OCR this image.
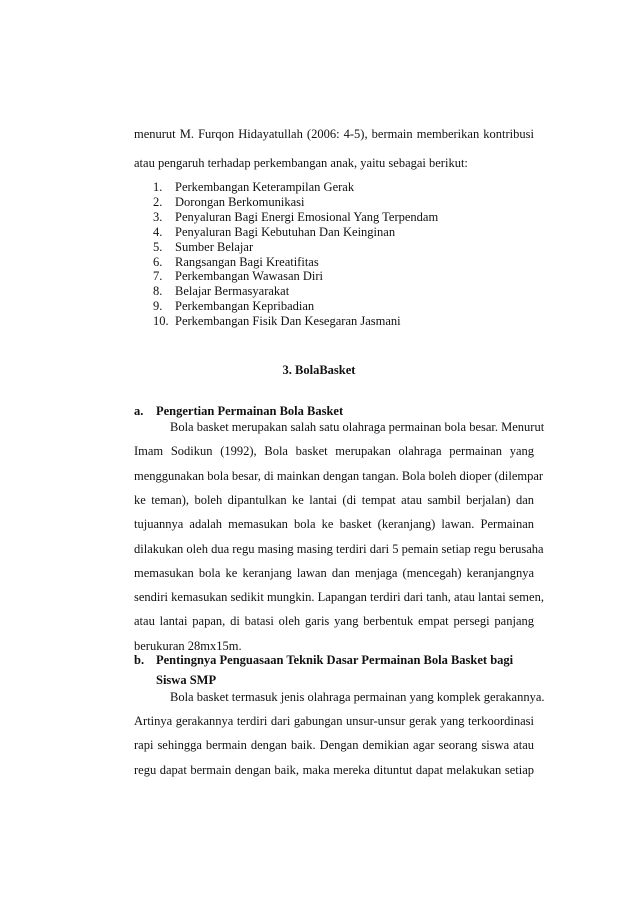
menurut M. Furqon Hidayatullah (2006: 4-5), bermain memberikan kontribusi
atau pengaruh terhadap perkembangan anak, yaitu sebagai berikut:
1.	Perkembangan Keterampilan Gerak
2.	Dorongan Berkomunikasi
3.	Penyaluran Bagi Energi Emosional Yang Terpendam
4.	Penyaluran Bagi Kebutuhan Dan Keinginan
5.	Sumber Belajar
6.	Rangsangan Bagi Kreatifitas
7.	Perkembangan Wawasan Diri
8.	Belajar Bermasyarakat
9.	Perkembangan Kepribadian
10. Perkembangan Fisik Dan Kesegaran Jasmani
3. BolaBasket
a. Pengertian Permainan Bola Basket
Bola basket merupakan salah satu olahraga permainan bola besar. Menurut
Imam Sodikun (1992), Bola basket merupakan olahraga permainan yang
menggunakan bola besar, di mainkan dengan tangan. Bola boleh dioper (dilempar
ke teman), boleh dipantulkan ke lantai (di tempat atau sambil berjalan) dan
tujuannya adalah memasukan bola ke basket (keranjang) lawan. Permainan
dilakukan oleh dua regu masing masing terdiri dari 5 pemain setiap regu berusaha
memasukan bola ke keranjang lawan dan menjaga (mencegah) keranjangnya
sendiri kemasukan sedikit mungkin. Lapangan terdiri dari tanh, atau lantai semen,
atau lantai papan, di batasi oleh garis yang berbentuk empat persegi panjang
berukuran 28mx15m.
b. Pentingnya Penguasaan Teknik Dasar Permainan Bola Basket bagi
Siswa SMP
Bola basket termasuk jenis olahraga permainan yang komplek gerakannya.
Artinya gerakannya terdiri dari gabungan unsur-unsur gerak yang terkoordinasi
rapi sehingga bermain dengan baik. Dengan demikian agar seorang siswa atau
regu dapat bermain dengan baik, maka mereka dituntut dapat melakukan setiap
